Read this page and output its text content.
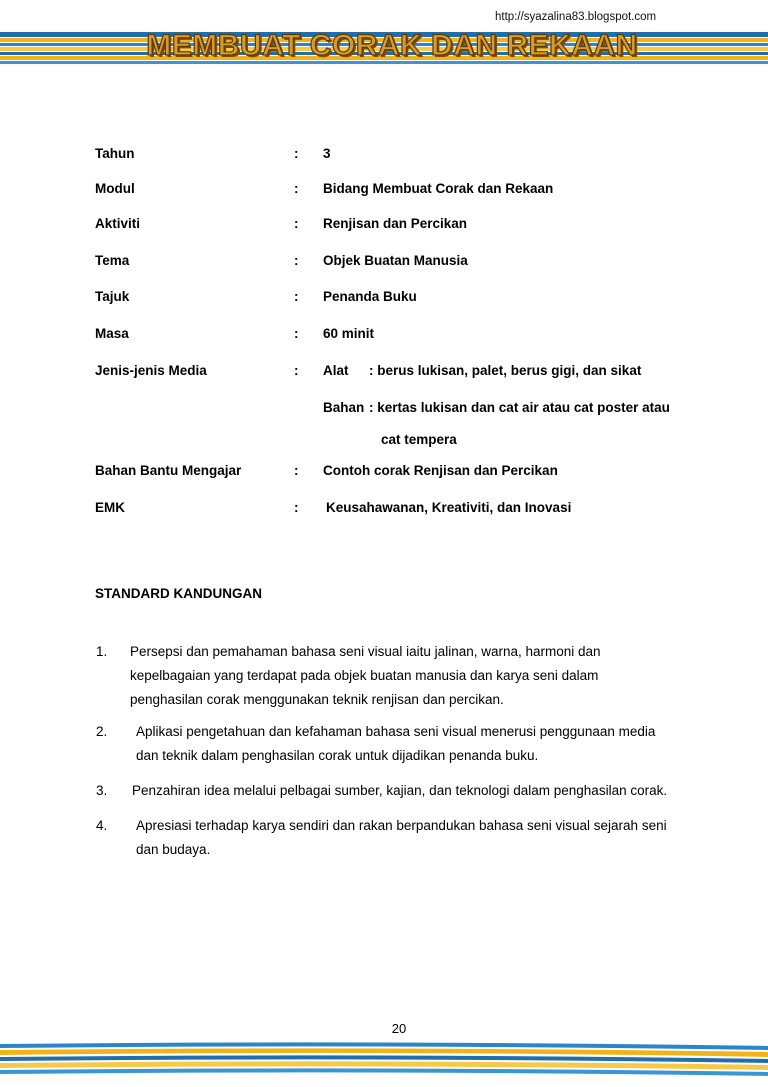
http://syazalina83.blogspot.com
MEMBUAT CORAK DAN REKAAN
Tahun	: 3
Modul	: Bidang Membuat Corak dan Rekaan
Aktiviti	: Renjisan dan Percikan
Tema	: Objek Buatan Manusia
Tajuk	: Penanda Buku
Masa	: 60 minit
Jenis-jenis Media	: Alat : berus lukisan, palet, berus gigi, dan sikat
Bahan : kertas lukisan dan cat air atau cat poster atau
cat tempera
Bahan Bantu Mengajar	: Contoh corak Renjisan dan Percikan
EMK	: Keusahawanan, Kreativiti, dan Inovasi
STANDARD KANDUNGAN
1. Persepsi dan pemahaman bahasa seni visual iaitu jalinan, warna, harmoni dan
kepelbagaian yang terdapat pada objek buatan manusia dan karya seni dalam
penghasilan corak menggunakan teknik renjisan dan percikan.
2. Aplikasi pengetahuan dan kefahaman bahasa seni visual menerusi penggunaan media
dan teknik dalam penghasilan corak untuk dijadikan penanda buku.
3. Penzahiran idea melalui pelbagai sumber, kajian, dan teknologi dalam penghasilan corak.
4. Apresiasi terhadap karya sendiri dan rakan berpandukan bahasa seni visual sejarah seni
dan budaya.
20
